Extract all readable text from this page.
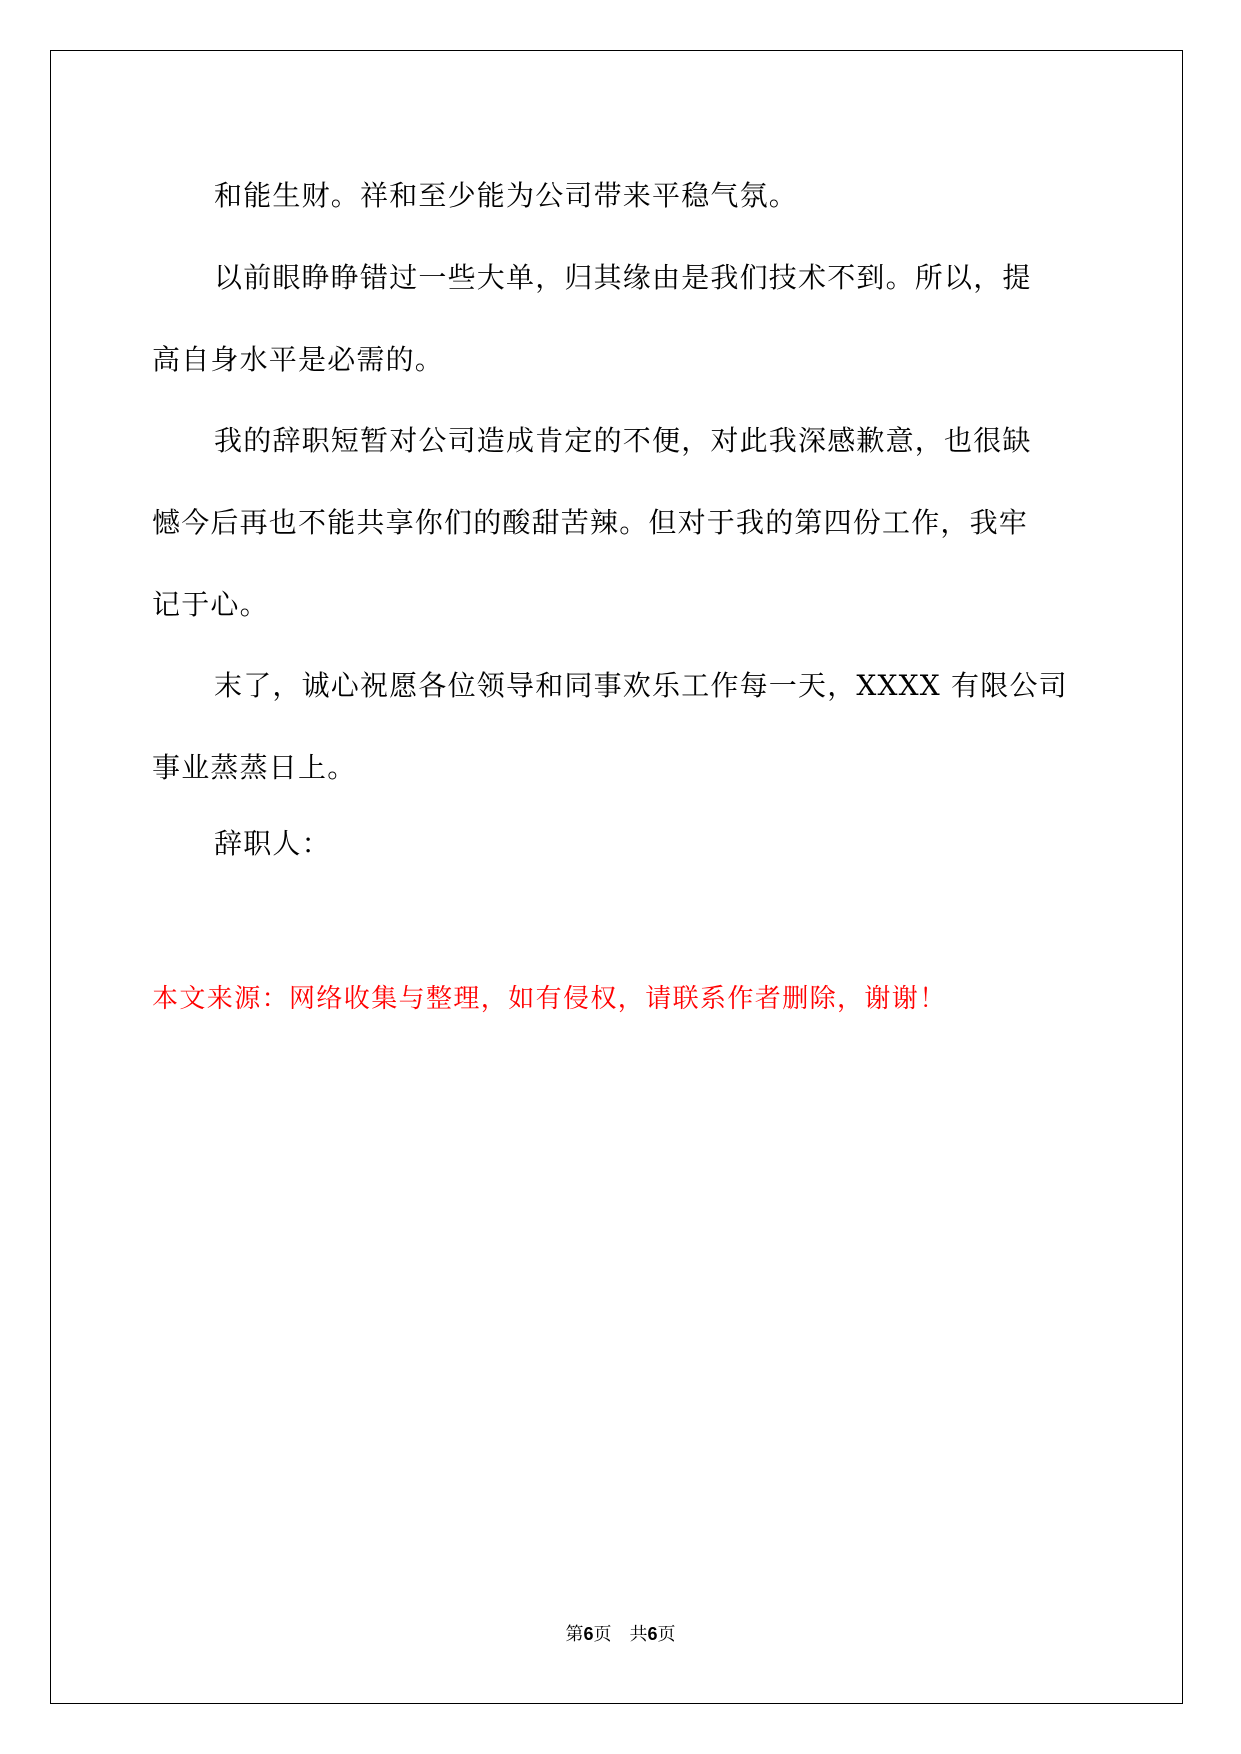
和能生财。祥和至少能为公司带来平稳气氛。
以前眼睁睁错过一些大单，归其缘由是我们技术不到。所以，提
高自身水平是必需的。
我的辞职短暂对公司造成肯定的不便，对此我深感歉意，也很缺
憾今后再也不能共享你们的酸甜苦辣。但对于我的第四份工作，我牢
记于心。
末了，诚心祝愿各位领导和同事欢乐工作每一天，XXXX 有限公司
事业蒸蒸日上。
辞职人：
本文来源：网络收集与整理，如有侵权，请联系作者删除，谢谢！
第6页 共6页
